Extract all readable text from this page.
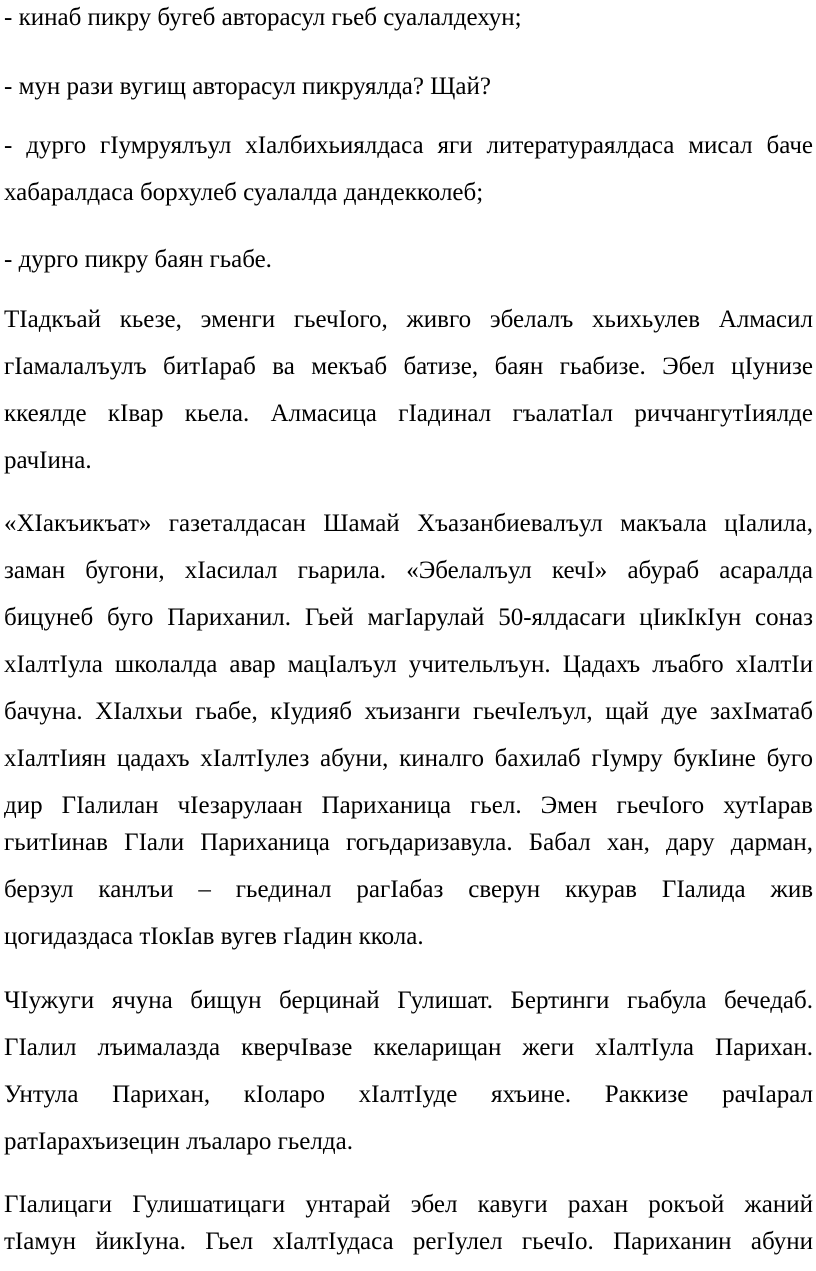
- кинаб пикру бугеб авторасул гьеб суалалдехун;
- мун рази вугищ авторасул пикруялда? Щай?
- дурго гIумруялъул хIалбихьиялдаса яги литератураялдаса мисал баче
хабаралдаса борхулеб суалалда дандекколеб;
- дурго пикру баян гьабе.
ТIадкъай кьезе, эменги гьечIого, живго эбелалъ хьихьулев Алмасил
гIамалалъулъ битIараб ва мекъаб батизе, баян гьабизе. Эбел цIунизе
ккеялде кIвар кьела. Алмасица гIадинал гъалатIал риччангутIиялде
рачIина.
«ХIакъикъат» газеталдасан Шамай Хъазанбиевалъул макъала цIалила,
заман бугони, хIасилал гьарила. «Эбелалъул кечI» абураб асаралда
бицунеб буго Париханил. Гьей магIарулай 50-ялдасаги цIикIкIун соназ
хIалтIула школалда авар мацIалъул учительлъун. Цадахъ лъабго хIалтIи
бачуна. ХIалхьи гьабе, кIудияб хъизанги гьечIелъул, щай дуе захIматаб
хIалтIиян цадахъ хIалтIулез абуни, киналго бахилаб гIумру букIине буго
дир ГIалилан чIезарулаан Париханица гьел. Эмен гьечIого хутIарав
гьитIинав ГIали Париханица гогьдаризавула. Бабал хан, дару дарман,
берзул канлъи – гьединал рагIабаз сверун ккурав ГIалида жив
цогидаздаса тIокIав вугев гIадин ккола.
ЧIужуги ячуна бищун берцинай Гулишат. Бертинги гьабула бечедаб.
ГIалил лъималазда кверчIвазе ккеларищан жеги хIалтIула Парихан.
Унтула Парихан, кIоларо хIалтIуде яхъине. Раккизе рачIарал
ратIарахъизецин лъаларо гьелда.
ГIалицаги Гулишатицаги унтарай эбел кавуги рахан рокъой жаний
тIамун йикIуна. Гьел хIалтIудаса регIулел гьечIо. Париханин абуни
